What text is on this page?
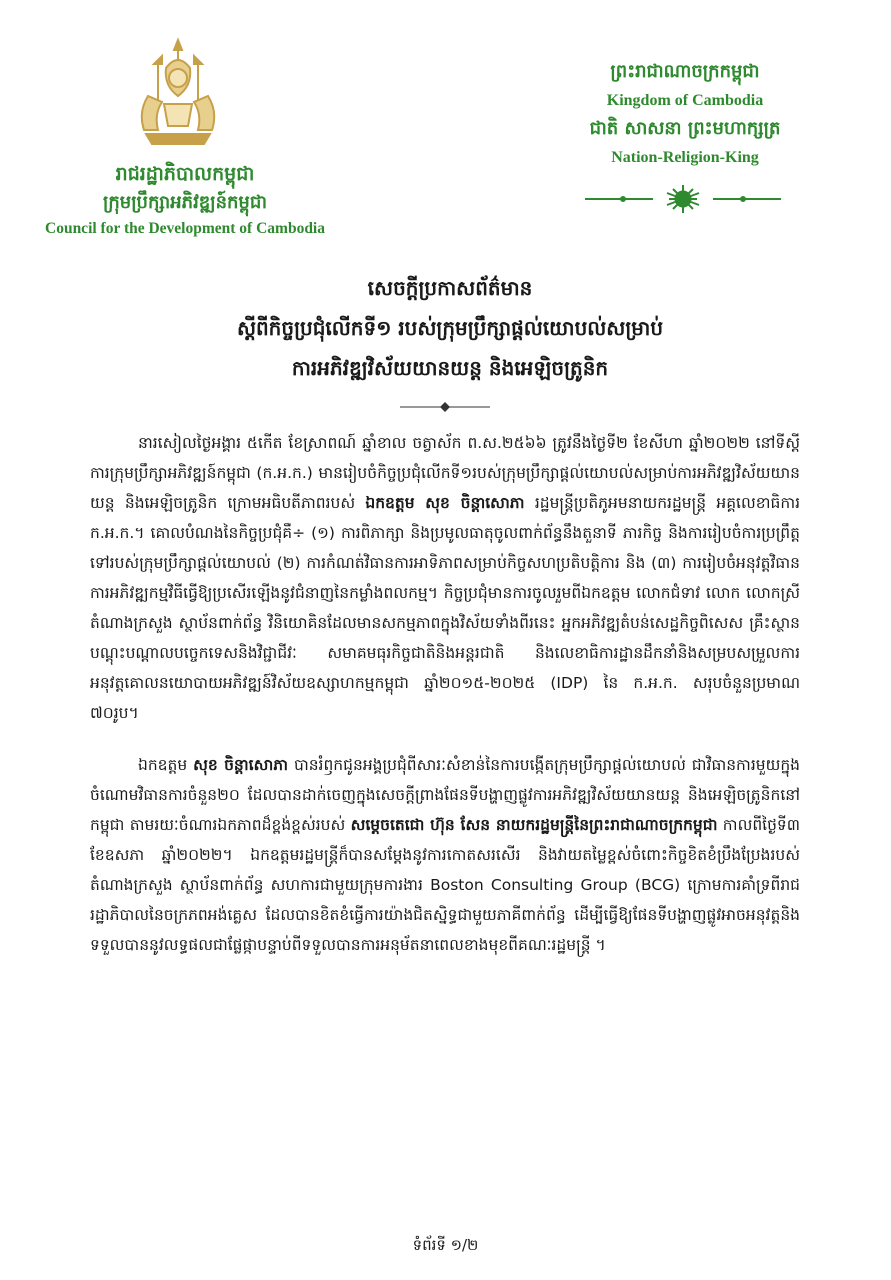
រាជរដ្ឋាភិបាលកម្ពុជា
ក្រុមប្រឹក្សាអភិវឌ្ឍន៍កម្ពុជា
Council for the Development of Cambodia
ព្រះរាជាណាចក្រកម្ពុជា
Kingdom of Cambodia
ជាតិ សាសនា ព្រះមហាក្សត្រ
Nation-Religion-King
សេចក្ដីប្រកាសព័ត៌មាន
ស្ដីពីកិច្ចប្រជុំលើកទី១ របស់ក្រុមប្រឹក្សាផ្ដល់យោបល់សម្រាប់
ការអភិវឌ្ឍវិស័យយានយន្ត និងអេឡិចត្រូនិក

នារសៀលថ្ងៃអង្គារ ៥កើត ខែស្រាពណ៍ ឆ្នាំខាល ចត្វាស័ក ព.ស.២៥៦៦ ត្រូវនឹងថ្ងៃទី២ ខែសីហា ឆ្នាំ២០២២ នៅទីស្ដីការក្រុមប្រឹក្សាអភិវឌ្ឍន៍កម្ពុជា (ក.អ.ក.) មានរៀបចំកិច្ចប្រជុំលើកទី១របស់ក្រុមប្រឹក្សាផ្ដល់យោបល់សម្រាប់ការអភិវឌ្ឍវិស័យយានយន្ត និងអេឡិចត្រូនិក ក្រោមអធិបតីភាពរបស់ ឯកឧត្តម សុខ ចិន្ដាសោភា រដ្ឋមន្ត្រីប្រតិភូអមនាយករដ្ឋមន្ត្រី អគ្គលេខាធិការ ក.អ.ក.។ គោលបំណងនៃកិច្ចប្រជុំគឺ÷ (១) ការពិភាក្សា និងប្រមូលធាតុចូលពាក់ព័ន្ធនឹងតួនាទី ភារកិច្ច និងការរៀបចំការប្រព្រឹត្តទៅរបស់ក្រុមប្រឹក្សាផ្ដល់យោបល់ (២) ការកំណត់វិធានការអាទិភាពសម្រាប់កិច្ចសហប្រតិបត្តិការ និង (៣) ការរៀបចំអនុវត្តវិធានការអភិវឌ្ឍកម្មវិធីធ្វើឱ្យប្រសើរឡើងនូវជំនាញនៃកម្លាំងពលកម្ម។ កិច្ចប្រជុំមានការចូលរួមពីឯកឧត្តម លោកជំទាវ លោក លោកស្រីតំណាងក្រសួង ស្ថាប័នពាក់ព័ន្ធ វិនិយោគិនដែលមានសកម្មភាពក្នុងវិស័យទាំងពីរនេះ អ្នកអភិវឌ្ឍតំបន់សេដ្ឋកិច្ចពិសេស គ្រឹះស្ថានបណ្ដុះបណ្ដាលបច្ចេកទេសនិងវិជ្ជាជីវៈ សមាគមធុរកិច្ចជាតិនិងអន្តរជាតិ និងលេខាធិការដ្ឋានដឹកនាំនិងសម្របសម្រួលការអនុវត្តគោលនយោបាយអភិវឌ្ឍន៍វិស័យឧស្សាហកម្មកម្ពុជា ឆ្នាំ២០១៥-២០២៥ (IDP) នៃ ក.អ.ក. សរុបចំនួនប្រមាណ ៧០រូប។

ឯកឧត្តម សុខ ចិន្ដាសោភា បានរំឭកជូនអង្គប្រជុំពីសារៈសំខាន់នៃការបង្កើតក្រុមប្រឹក្សាផ្ដល់យោបល់ ជាវិធានការមួយក្នុងចំណោមវិធានការចំនួន២០ ដែលបានដាក់ចេញក្នុងសេចក្ដីព្រាងផែនទីបង្ហាញផ្លូវការអភិវឌ្ឍវិស័យយានយន្ត និងអេឡិចត្រូនិកនៅកម្ពុជា តាមរយៈចំណារឯកភាពដ៏ខ្ពង់ខ្ពស់របស់ សម្ដេចតេជោ ហ៊ុន សែន នាយករដ្ឋមន្ត្រីនៃព្រះរាជាណាចក្រកម្ពុជា កាលពីថ្ងៃទី៣ ខែឧសភា ឆ្នាំ២០២២។ ឯកឧត្តមរដ្ឋមន្ត្រីក៏បានសម្ដែងនូវការកោតសរសើរ និងវាយតម្លៃខ្ពស់ចំពោះកិច្ចខិតខំប្រឹងប្រែងរបស់តំណាងក្រសួង ស្ថាប័នពាក់ព័ន្ធ សហការជាមួយក្រុមការងារ Boston Consulting Group (BCG) ក្រោមការគាំទ្រពីរាជរដ្ឋាភិបាលនៃចក្រភពអង់គ្លេស ដែលបានខិតខំធ្វើការយ៉ាងជិតស្និទ្ធជាមួយភាគីពាក់ព័ន្ធ ដើម្បីធ្វើឱ្យផែនទីបង្ហាញផ្លូវអាចអនុវត្តនិងទទួលបាននូវលទ្ធផលជាផ្លែផ្កាបន្ទាប់ពីទទួលបានការអនុម័តនាពេលខាងមុខពីគណៈរដ្ឋមន្ត្រី ។

ទំព័រទី ១/២
